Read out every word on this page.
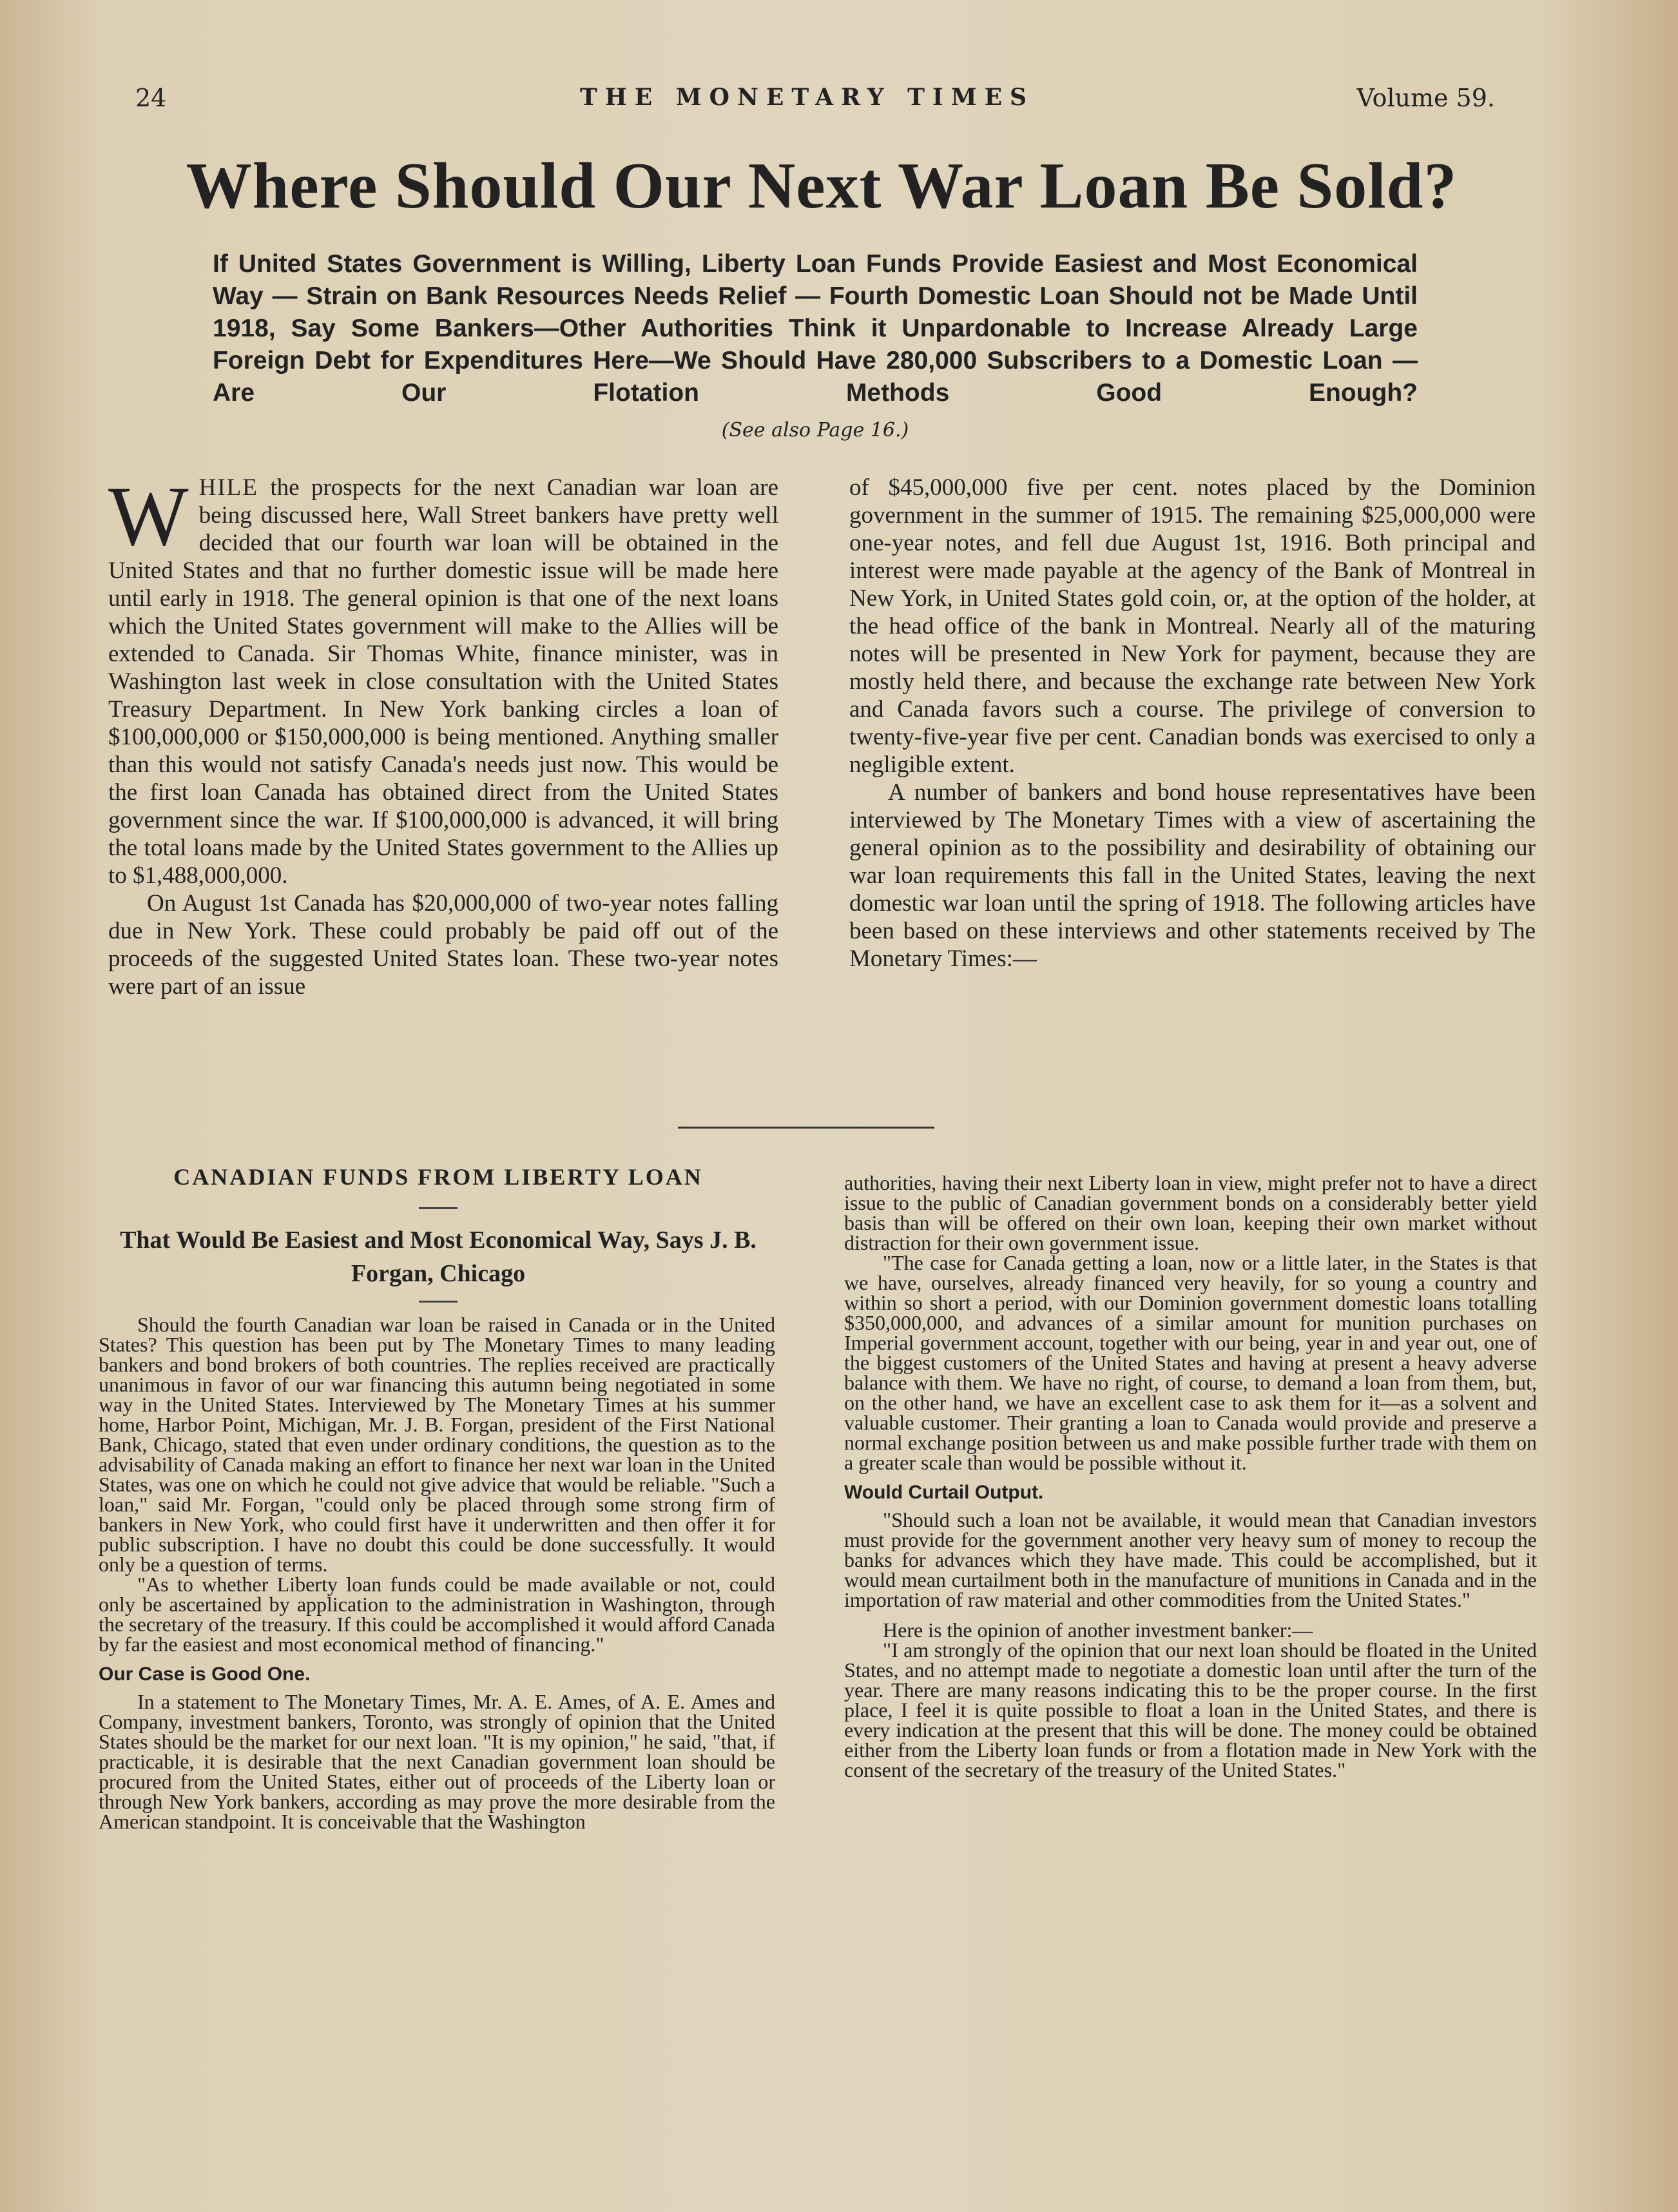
24	THE MONETARY TIMES	Volume 59.
Where Should Our Next War Loan Be Sold?

If United States Government is Willing, Liberty Loan Funds Provide Easiest and Most Economical Way — Strain on Bank Resources Needs Relief — Fourth Domestic Loan Should not be Made Until 1918, Say Some Bankers—Other Authorities Think it Unpardonable to Increase Already Large Foreign Debt for Expenditures Here—We Should Have 280,000 Subscribers to a Domestic Loan — Are Our Flotation Methods Good Enough?

(See also Page 16.)

WHILE the prospects for the next Canadian war loan are being discussed here, Wall Street bankers have pretty well decided that our fourth war loan will be obtained in the United States and that no further domestic issue will be made here until early in 1918. The general opinion is that one of the next loans which the United States government will make to the Allies will be extended to Canada. Sir Thomas White, finance minister, was in Washington last week in close consultation with the United States Treasury Department. In New York banking circles a loan of $100,000,000 or $150,000,000 is being mentioned. Anything smaller than this would not satisfy Canada's needs just now. This would be the first loan Canada has obtained direct from the United States government since the war. If $100,000,000 is advanced, it will bring the total loans made by the United States government to the Allies up to $1,488,000,000.

On August 1st Canada has $20,000,000 of two-year notes falling due in New York. These could probably be paid off out of the proceeds of the suggested United States loan. These two-year notes were part of an issue

of $45,000,000 five per cent. notes placed by the Dominion government in the summer of 1915. The remaining $25,000,000 were one-year notes, and fell due August 1st, 1916. Both principal and interest were made payable at the agency of the Bank of Montreal in New York, in United States gold coin, or, at the option of the holder, at the head office of the bank in Montreal. Nearly all of the maturing notes will be presented in New York for payment, because they are mostly held there, and because the exchange rate between New York and Canada favors such a course. The privilege of conversion to twenty-five-year five per cent. Canadian bonds was exercised to only a negligible extent.

A number of bankers and bond house representatives have been interviewed by The Monetary Times with a view of ascertaining the general opinion as to the possibility and desirability of obtaining our war loan requirements this fall in the United States, leaving the next domestic war loan until the spring of 1918. The following articles have been based on these interviews and other statements received by The Monetary Times:—

CANADIAN FUNDS FROM LIBERTY LOAN
That Would Be Easiest and Most Economical Way, Says J. B. Forgan, Chicago

Should the fourth Canadian war loan be raised in Canada or in the United States? This question has been put by The Monetary Times to many leading bankers and bond brokers of both countries. The replies received are practically unanimous in favor of our war financing this autumn being negotiated in some way in the United States. Interviewed by The Monetary Times at his summer home, Harbor Point, Michigan, Mr. J. B. Forgan, president of the First National Bank, Chicago, stated that even under ordinary conditions, the question as to the advisability of Canada making an effort to finance her next war loan in the United States, was one on which he could not give advice that would be reliable. "Such a loan," said Mr. Forgan, "could only be placed through some strong firm of bankers in New York, who could first have it underwritten and then offer it for public subscription. I have no doubt this could be done successfully. It would only be a question of terms.

"As to whether Liberty loan funds could be made available or not, could only be ascertained by application to the administration in Washington, through the secretary of the treasury. If this could be accomplished it would afford Canada by far the easiest and most economical method of financing."

Our Case is Good One.

In a statement to The Monetary Times, Mr. A. E. Ames, of A. E. Ames and Company, investment bankers, Toronto, was strongly of opinion that the United States should be the market for our next loan. "It is my opinion," he said, "that, if practicable, it is desirable that the next Canadian government loan should be procured from the United States, either out of proceeds of the Liberty loan or through New York bankers, according as may prove the more desirable from the American standpoint. It is conceivable that the Washington

authorities, having their next Liberty loan in view, might prefer not to have a direct issue to the public of Canadian government bonds on a considerably better yield basis than will be offered on their own loan, keeping their own market without distraction for their own government issue.

"The case for Canada getting a loan, now or a little later, in the States is that we have, ourselves, already financed very heavily, for so young a country and within so short a period, with our Dominion government domestic loans totalling $350,000,000, and advances of a similar amount for munition purchases on Imperial government account, together with our being, year in and year out, one of the biggest customers of the United States and having at present a heavy adverse balance with them. We have no right, of course, to demand a loan from them, but, on the other hand, we have an excellent case to ask them for it—as a solvent and valuable customer. Their granting a loan to Canada would provide and preserve a normal exchange position between us and make possible further trade with them on a greater scale than would be possible without it.

Would Curtail Output.

"Should such a loan not be available, it would mean that Canadian investors must provide for the government another very heavy sum of money to recoup the banks for advances which they have made. This could be accomplished, but it would mean curtailment both in the manufacture of munitions in Canada and in the importation of raw material and other commodities from the United States."

Here is the opinion of another investment banker:—

"I am strongly of the opinion that our next loan should be floated in the United States, and no attempt made to negotiate a domestic loan until after the turn of the year. There are many reasons indicating this to be the proper course. In the first place, I feel it is quite possible to float a loan in the United States, and there is every indication at the present that this will be done. The money could be obtained either from the Liberty loan funds or from a flotation made in New York with the consent of the secretary of the treasury of the United States."
